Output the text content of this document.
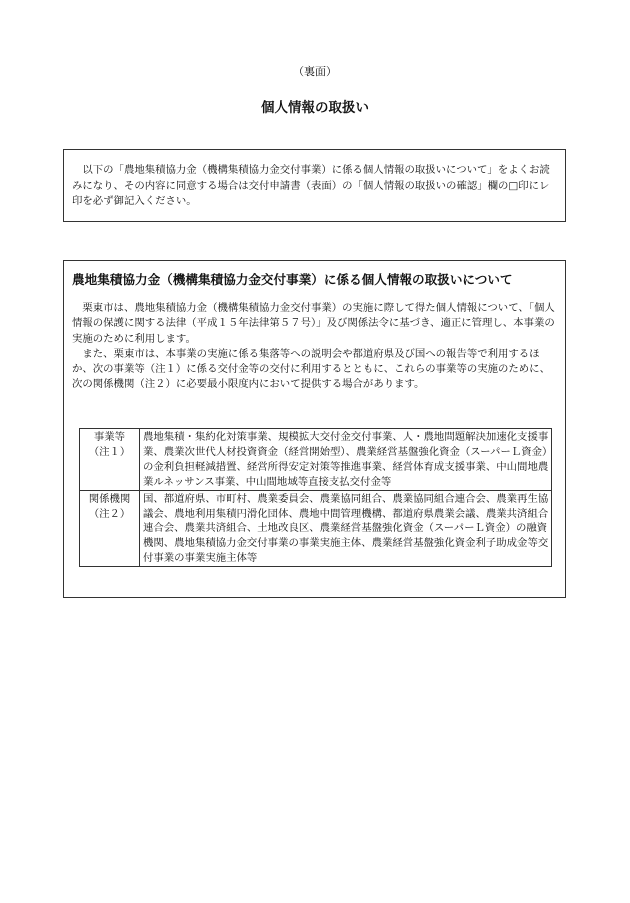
（裏面）
個人情報の取扱い
以下の「農地集積協力金（機構集積協力金交付事業）に係る個人情報の取扱いについて」をよくお読みになり、その内容に同意する場合は交付申請書（表面）の「個人情報の取扱いの確認」欄の□印にレ印を必ず御記入ください。
農地集積協力金（機構集積協力金交付事業）に係る個人情報の取扱いについて

栗東市は、農地集積協力金（機構集積協力金交付事業）の実施に際して得た個人情報について、「個人情報の保護に関する法律（平成１５年法律第５７号）」及び関係法令に基づき、適正に管理し、本事業の実施のために利用します。

また、栗東市は、本事業の実施に係る集落等への説明会や都道府県及び国への報告等で利用するほか、次の事業等（注１）に係る交付金等の交付に利用するとともに、これらの事業等の実施のために、次の関係機関（注２）に必要最小限度内において提供する場合があります。

事業等
（注１）	農地集積・集約化対策事業、規模拡大交付金交付事業、人・農地問題解決加速化支援事業、農業次世代人材投資資金（経営開始型）、農業経営基盤強化資金（スーパーＬ資金）の金利負担軽減措置、経営所得安定対策等推進事業、経営体育成支援事業、中山間地農業ルネッサンス事業、中山間地域等直接支払交付金等

関係機関
（注２）	国、都道府県、市町村、農業委員会、農業協同組合、農業協同組合連合会、農業再生協議会、農地利用集積円滑化団体、農地中間管理機構、都道府県農業会議、農業共済組合連合会、農業共済組合、土地改良区、農業経営基盤強化資金（スーパーＬ資金）の融資機関、農地集積協力金交付事業の事業実施主体、農業経営基盤強化資金利子助成金等交付事業の事業実施主体等
